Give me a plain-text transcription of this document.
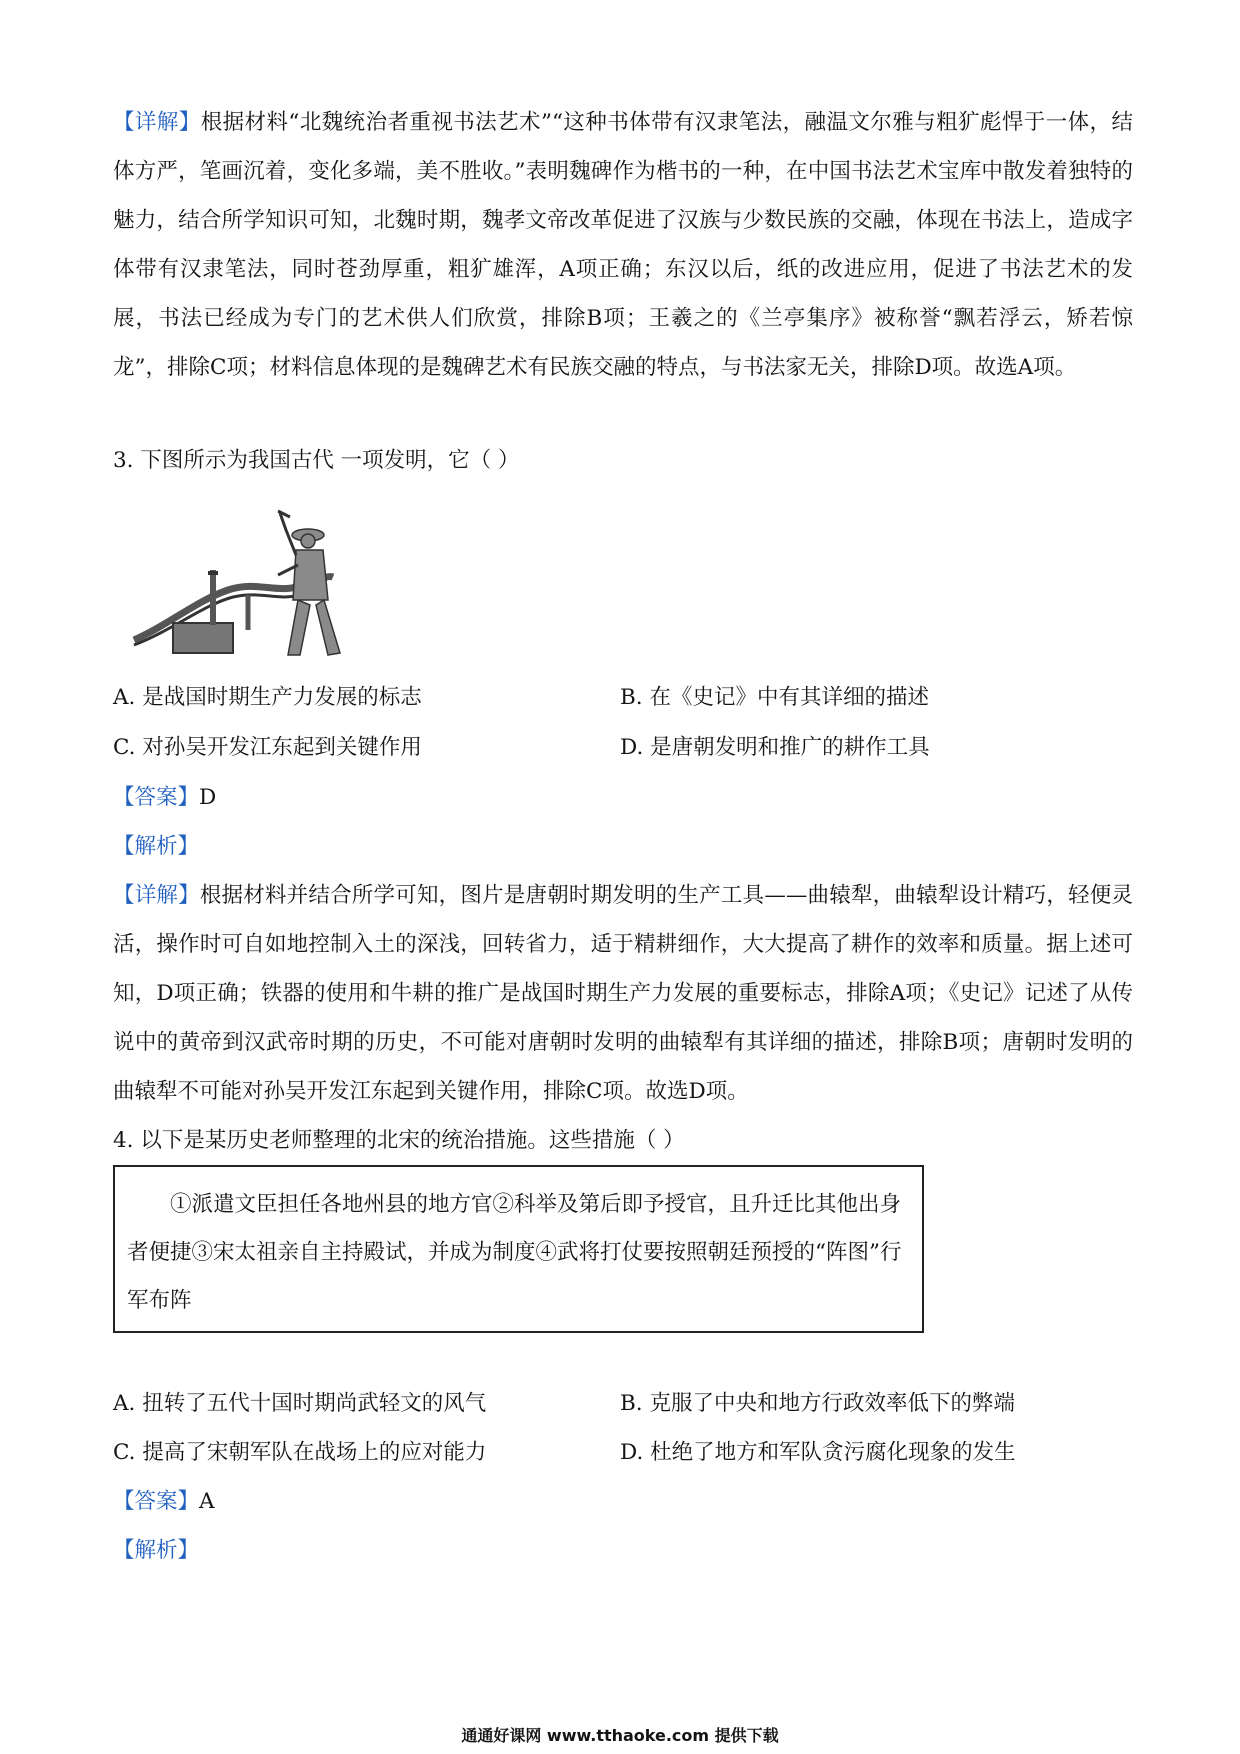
【详解】根据材料“北魏统治者重视书法艺术”“这种书体带有汉隶笔法，融温文尔雅与粗犷彪悍于一体，结体方严，笔画沉着，变化多端，美不胜收。”表明魏碑作为楷书的一种，在中国书法艺术宝库中散发着独特的魅力，结合所学知识可知，北魏时期，魏孝文帝改革促进了汉族与少数民族的交融，体现在书法上，造成字体带有汉隶笔法，同时苍劲厚重，粗犷雄浑，A项正确；东汉以后，纸的改进应用，促进了书法艺术的发展，书法已经成为专门的艺术供人们欣赏，排除B项；王羲之的《兰亭集序》被称誉“飘若浮云，矫若惊龙”，排除C项；材料信息体现的是魏碑艺术有民族交融的特点，与书法家无关，排除D项。故选A项。

3. 下图所示为我国古代 一项发明，它（ ）
A. 是战国时期生产力发展的标志	B. 在《史记》中有其详细的描述
C. 对孙吴开发江东起到关键作用	D. 是唐朝发明和推广的耕作工具
【答案】D
【解析】

【详解】根据材料并结合所学可知，图片是唐朝时期发明的生产工具——曲辕犁，曲辕犁设计精巧，轻便灵活，操作时可自如地控制入土的深浅，回转省力，适于精耕细作，大大提高了耕作的效率和质量。据上述可知，D项正确；铁器的使用和牛耕的推广是战国时期生产力发展的重要标志，排除A项；《史记》记述了从传说中的黄帝到汉武帝时期的历史，不可能对唐朝时发明的曲辕犁有其详细的描述，排除B项；唐朝时发明的曲辕犁不可能对孙吴开发江东起到关键作用，排除C项。故选D项。

4. 以下是某历史老师整理的北宋的统治措施。这些措施（ ）

①派遣文臣担任各地州县的地方官②科举及第后即予授官，且升迁比其他出身者便捷③宋太祖亲自主持殿试，并成为制度④武将打仗要按照朝廷预授的“阵图”行军布阵

A. 扭转了五代十国时期尚武轻文的风气	B. 克服了中央和地方行政效率低下的弊端
C. 提高了宋朝军队在战场上的应对能力	D. 杜绝了地方和军队贪污腐化现象的发生
【答案】A
【解析】
通通好课网 www.tthaoke.com 提供下载
